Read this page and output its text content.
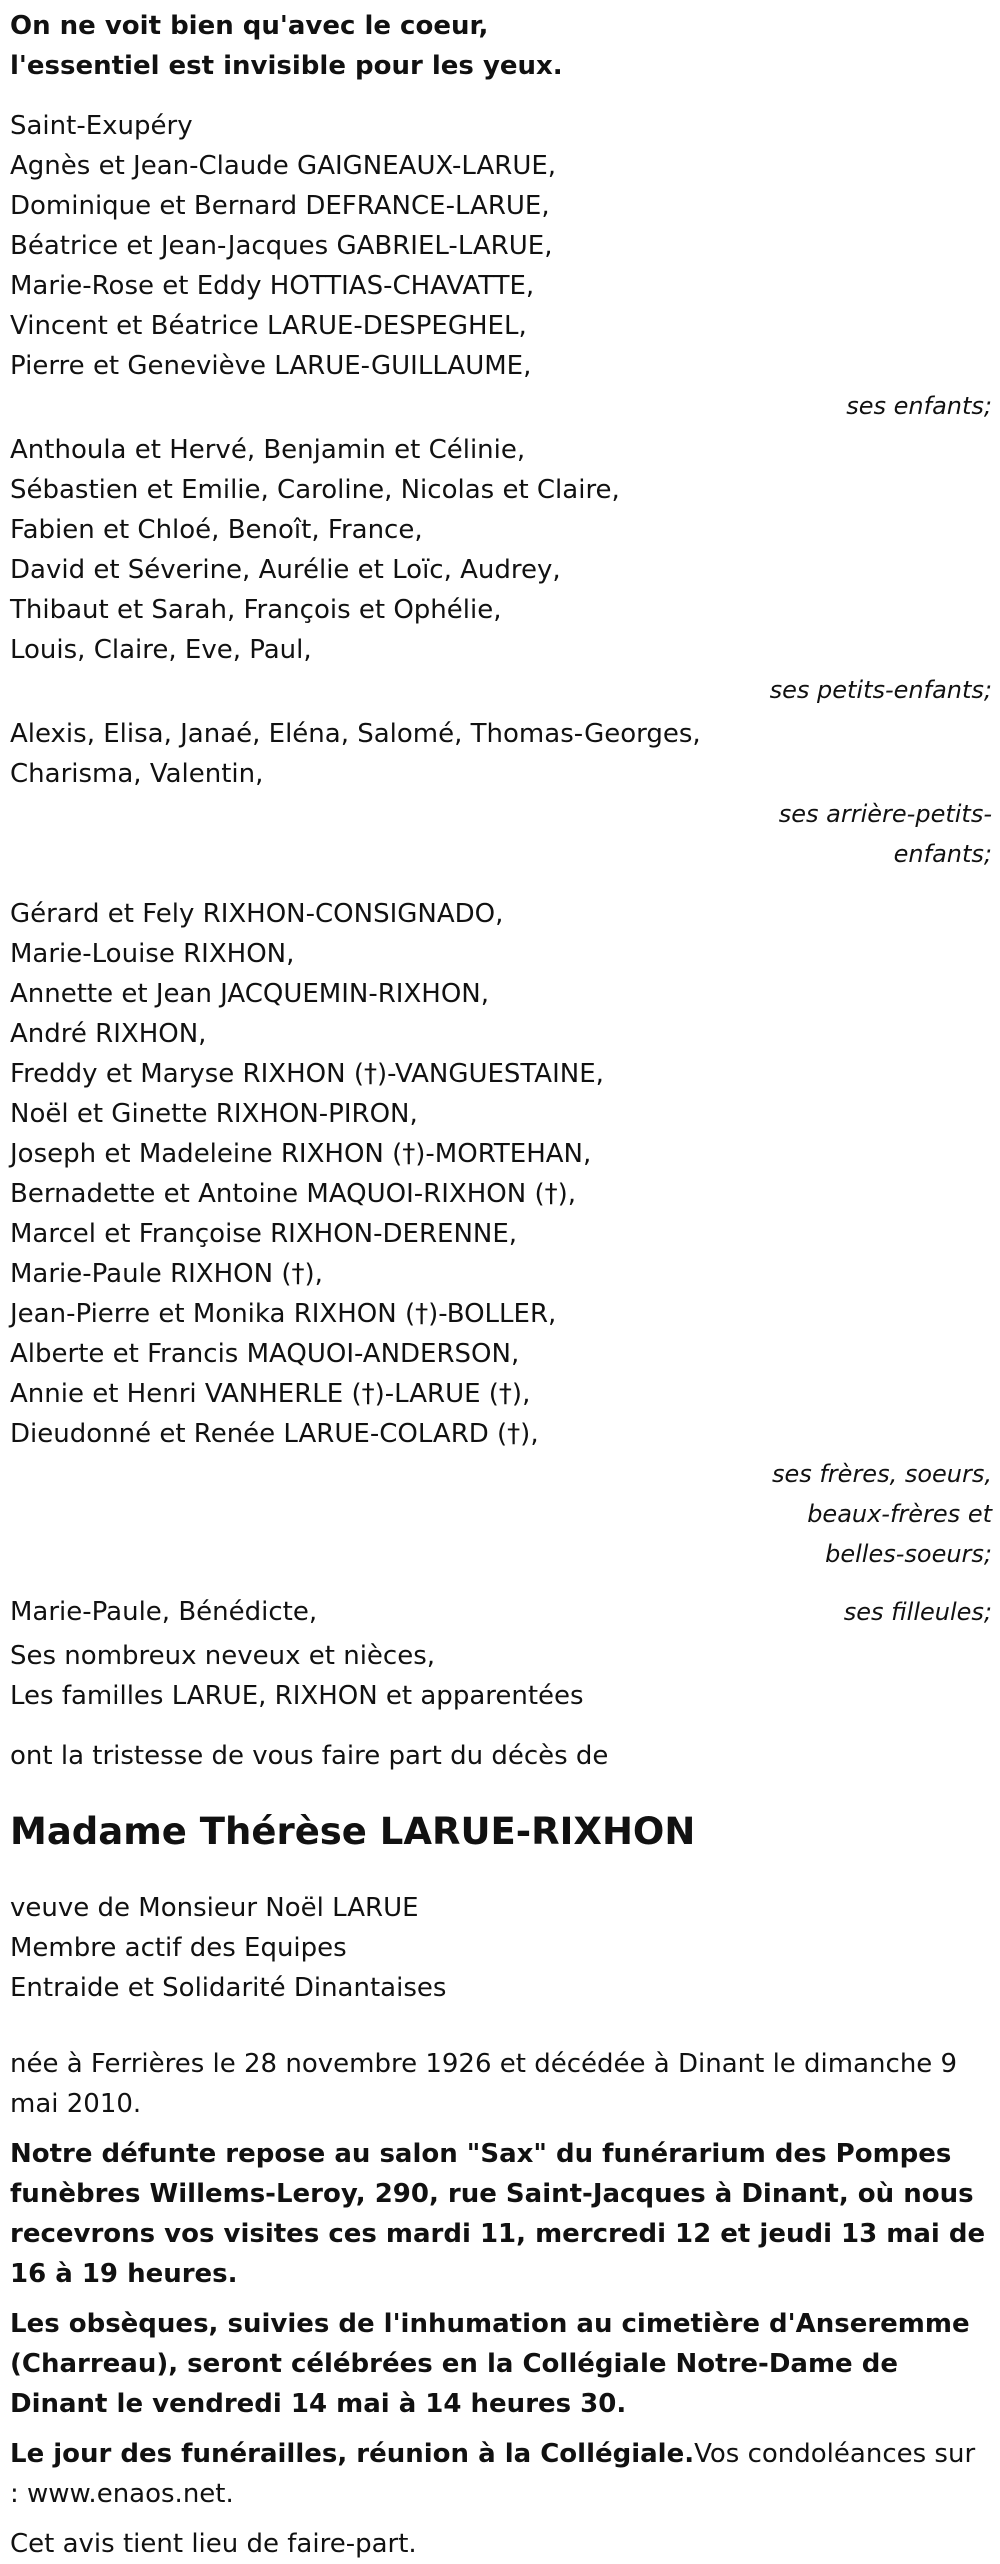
On ne voit bien qu'avec le coeur,

l'essentiel est invisible pour les yeux.

Saint-Exupéry

Agnès et Jean-Claude GAIGNEAUX-LARUE,

Dominique et Bernard DEFRANCE-LARUE,

Béatrice et Jean-Jacques GABRIEL-LARUE,

Marie-Rose et Eddy HOTTIAS-CHAVATTE,

Vincent et Béatrice LARUE-DESPEGHEL,

Pierre et Geneviève LARUE-GUILLAUME,

ses enfants;

Anthoula et Hervé, Benjamin et Célinie,

Sébastien et Emilie, Caroline, Nicolas et Claire,

Fabien et Chloé, Benoît, France,

David et Séverine, Aurélie et Loïc, Audrey,

Thibaut et Sarah, François et Ophélie,

Louis, Claire, Eve, Paul,

ses petits-enfants;

Alexis, Elisa, Janaé, Eléna, Salomé, Thomas-Georges,

Charisma, Valentin,

ses arrière-petits-

enfants;

Gérard et Fely RIXHON-CONSIGNADO,

Marie-Louise RIXHON,

Annette et Jean JACQUEMIN-RIXHON,

André RIXHON,

Freddy et Maryse RIXHON (†)-VANGUESTAINE,

Noël et Ginette RIXHON-PIRON,

Joseph et Madeleine RIXHON (†)-MORTEHAN,

Bernadette et Antoine MAQUOI-RIXHON (†),

Marcel et Françoise RIXHON-DERENNE,

Marie-Paule RIXHON (†),

Jean-Pierre et Monika RIXHON (†)-BOLLER,

Alberte et Francis MAQUOI-ANDERSON,

Annie et Henri VANHERLE (†)-LARUE (†),

Dieudonné et Renée LARUE-COLARD (†),

ses frères, soeurs,

beaux-frères et

belles-soeurs;

Marie-Paule, Bénédicte,	ses filleules;

Ses nombreux neveux et nièces,

Les familles LARUE, RIXHON et apparentées

ont la tristesse de vous faire part du décès de

Madame Thérèse LARUE-RIXHON

veuve de Monsieur Noël LARUE

Membre actif des Equipes

Entraide et Solidarité Dinantaises

née à Ferrières le 28 novembre 1926 et décédée à Dinant le dimanche 9 mai 2010.

Notre défunte repose au salon "Sax" du funérarium des Pompes funèbres Willems-Leroy, 290, rue Saint-Jacques à Dinant, où nous recevrons vos visites ces mardi 11, mercredi 12 et jeudi 13 mai de 16 à 19 heures.

Les obsèques, suivies de l'inhumation au cimetière d'Anseremme (Charreau), seront célébrées en la Collégiale Notre-Dame de Dinant le vendredi 14 mai à 14 heures 30.

Le jour des funérailles, réunion à la Collégiale.Vos condoléances sur : www.enaos.net.

Cet avis tient lieu de faire-part.
